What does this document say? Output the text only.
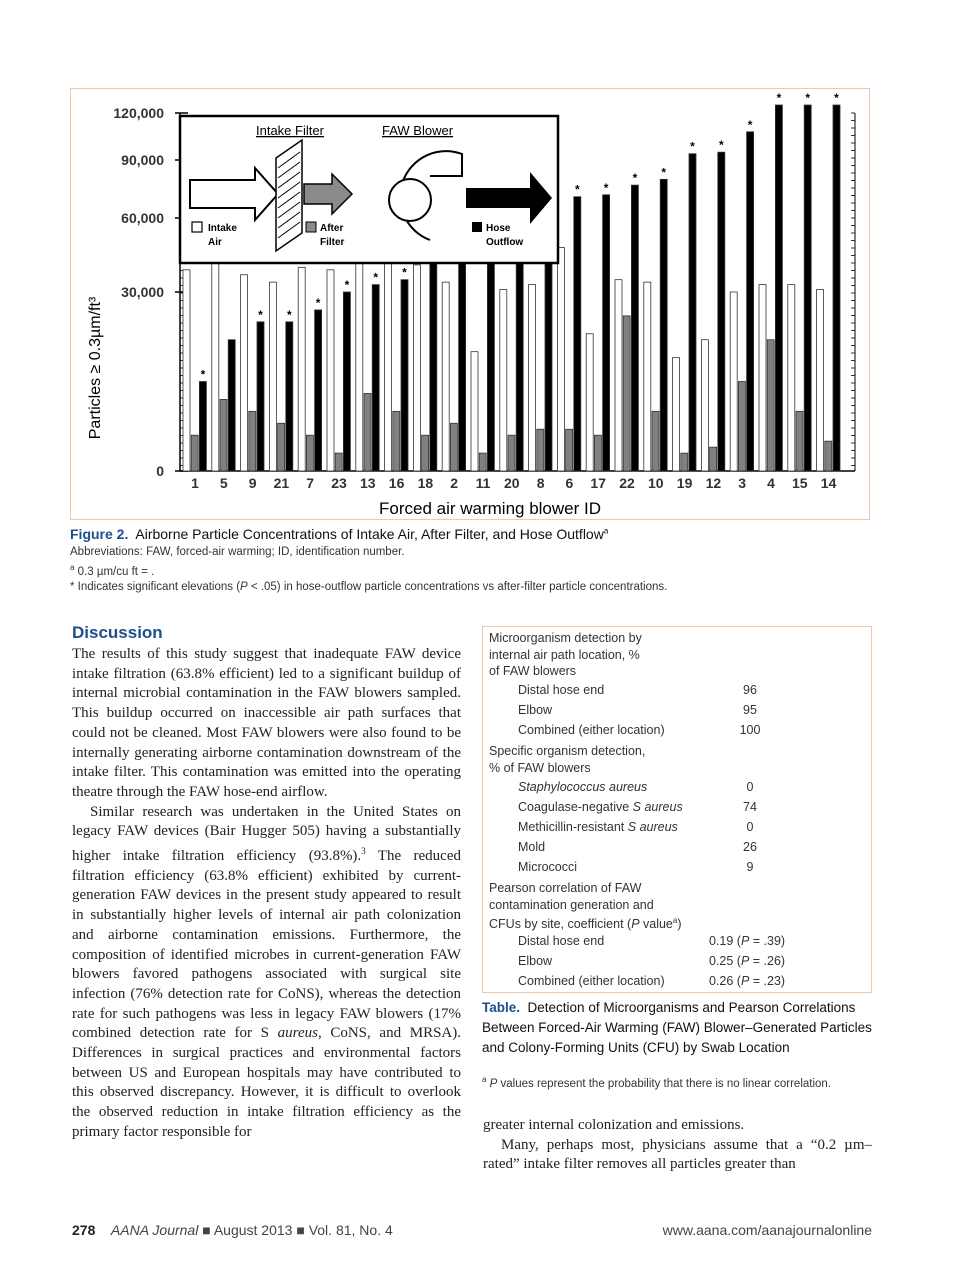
0
30,000
60,000
90,000
120,000
*
1 5
*
9
*
21
*
7
*
23
*
13
*
16 18 2 11 20 8
*
6
*
17
*
22
*
10
*
19
*
12
*
3
*
4
*
15
*
14
Intake Filter	FAW Blower
Intake
Air
After
Filter
Hose
Outflow
Forced air warming blower ID
Particles ≥ 0.3µm/ft³
Figure 2. Airborne Particle Concentrations of Intake Air, After Filter, and Hose Outflow$^a$
Abbreviations: FAW, forced-air warming; ID, identification number.
$^a$ 0.3 µm/cu ft = .
* Indicates significant elevations (P < .05) in hose-outflow particle concentrations vs after-filter particle concentrations.
Discussion

The results of this study suggest that inadequate FAW device intake filtration (63.8% efficient) led to a significant buildup of internal microbial contamination in the FAW blowers sampled. This buildup occurred on inaccessible air path surfaces that could not be cleaned. Most FAW blowers were also found to be internally generating airborne contamination downstream of the intake filter. This contamination was emitted into the operating theatre through the FAW hose-end airflow.

Similar research was undertaken in the United States on legacy FAW devices (Bair Hugger 505) having a substantially higher intake filtration efficiency (93.8%).$^3$ The reduced filtration efficiency (63.8% efficient) exhibited by current-generation FAW devices in the present study appeared to result in substantially higher levels of internal air path colonization and airborne contamination emissions. Furthermore, the composition of identified microbes in current-generation FAW blowers favored pathogens associated with surgical site infection (76% detection rate for CoNS), whereas the detection rate for such pathogens was less in legacy FAW blowers (17% combined detection rate for S aureus, CoNS, and MRSA). Differences in surgical practices and environmental factors between US and European hospitals may have contributed to this observed discrepancy. However, it is difficult to overlook the observed reduction in intake filtration efficiency as the primary factor responsible for

Microorganism detection by
internal air path location, %
of FAW blowers
Distal hose end	96
Elbow	95
Combined (either location)	100
Specific organism detection,
% of FAW blowers
Staphylococcus aureus	0
Coagulase-negative S aureus	74
Methicillin-resistant S aureus	0
Mold	26
Micrococci	9
Pearson correlation of FAW
contamination generation and
CFUs by site, coefficient (P value$^a$)
Distal hose end	0.19 (P = .39)
Elbow	0.25 (P = .26)
Combined (either location)	0.26 (P = .23)
Table. Detection of Microorganisms and Pearson Correlations Between Forced-Air Warming (FAW) Blower–Generated Particles and Colony-Forming Units (CFU) by Swab Location
$^a$ P values represent the probability that there is no linear correlation.

greater internal colonization and emissions.

Many, perhaps most, physicians assume that a “0.2 µm–rated” intake filter removes all particles greater than

278 AANA Journal ■ August 2013 ■ Vol. 81, No. 4	www.aana.com/aanajournalonline
